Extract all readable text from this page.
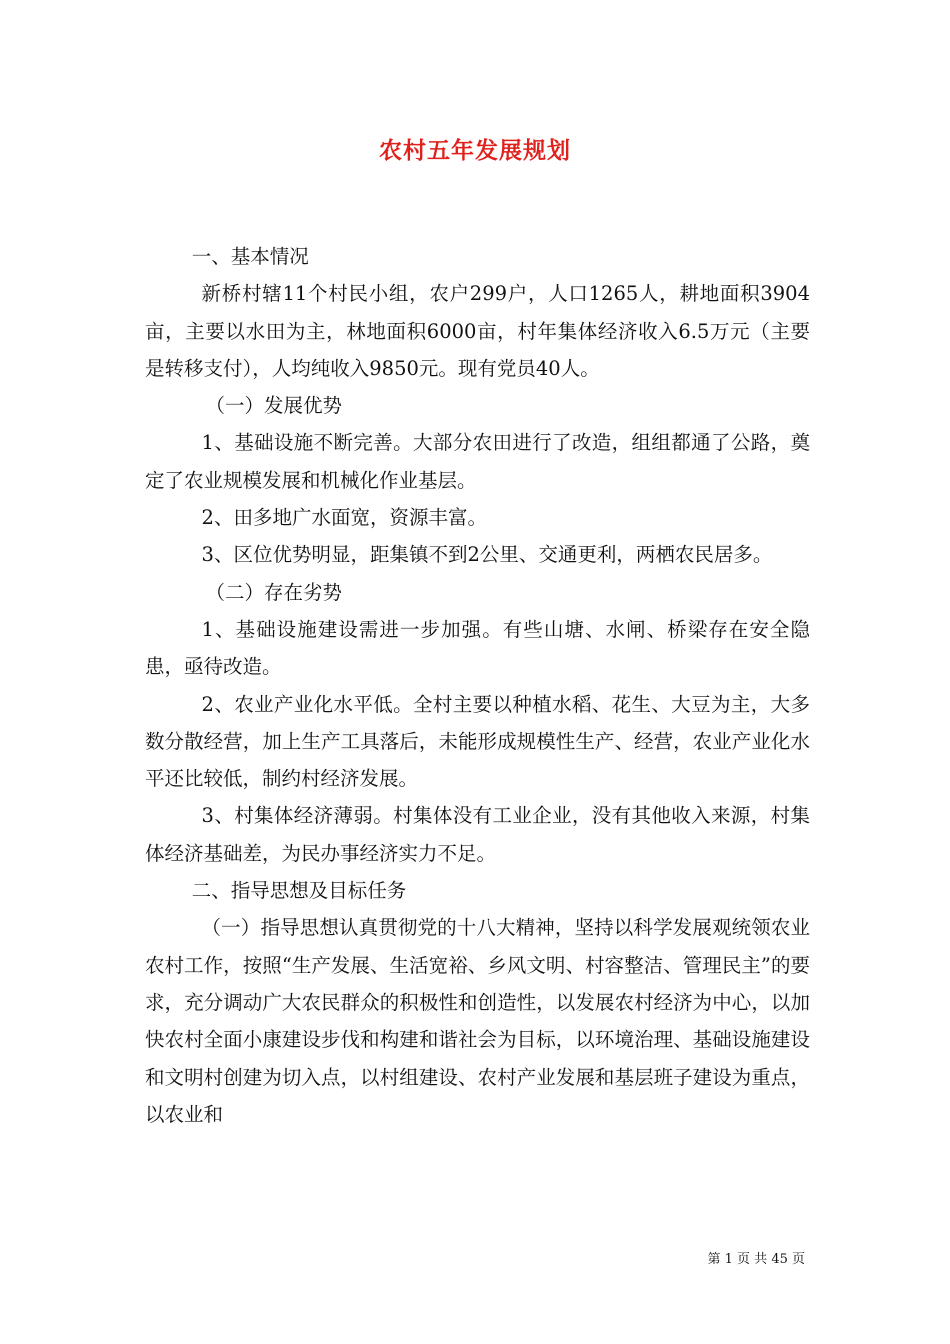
农村五年发展规划

一、基本情况

新桥村辖11个村民小组，农户299户，人口1265人，耕地面积3904亩，主要以水田为主，林地面积6000亩，村年集体经济收入6.5万元（主要是转移支付），人均纯收入9850元。现有党员40人。

（一）发展优势

1、基础设施不断完善。大部分农田进行了改造，组组都通了公路，奠定了农业规模发展和机械化作业基层。

2、田多地广水面宽，资源丰富。

3、区位优势明显，距集镇不到2公里、交通更利，两栖农民居多。

（二）存在劣势

1、基础设施建设需进一步加强。有些山塘、水闸、桥梁存在安全隐患，亟待改造。

2、农业产业化水平低。全村主要以种植水稻、花生、大豆为主，大多数分散经营，加上生产工具落后，未能形成规模性生产、经营，农业产业化水平还比较低，制约村经济发展。

3、村集体经济薄弱。村集体没有工业企业，没有其他收入来源，村集体经济基础差，为民办事经济实力不足。

二、指导思想及目标任务

（一）指导思想认真贯彻党的十八大精神，坚持以科学发展观统领农业农村工作，按照“生产发展、生活宽裕、乡风文明、村容整洁、管理民主”的要求，充分调动广大农民群众的积极性和创造性，以发展农村经济为中心，以加快农村全面小康建设步伐和构建和谐社会为目标，以环境治理、基础设施建设和文明村创建为切入点，以村组建设、农村产业发展和基层班子建设为重点，以农业和

第 1 页 共 45 页
